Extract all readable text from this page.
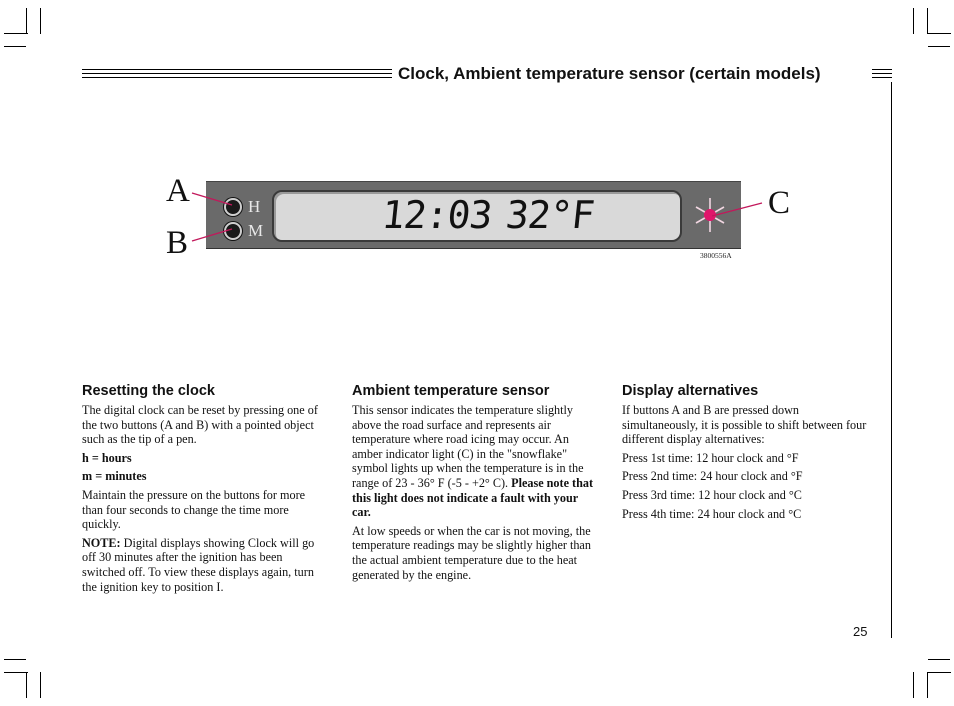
Clock, Ambient temperature sensor (certain models)
H
M	12:03 32°F
A
B
C
3800556A
Resetting the clock

The digital clock can be reset by pressing one of the two buttons (A and B) with a pointed object such as the tip of a pen.

h = hours

m = minutes

Maintain the pressure on the buttons for more than four seconds to change the time more quickly.

NOTE: Digital displays showing Clock will go off 30 minutes after the ignition has been switched off. To view these displays again, turn the ignition key to position I.

Ambient temperature sensor

This sensor indicates the temperature slightly above the road surface and represents air temperature where road icing may occur. An amber indicator light (C) in the "snowflake" symbol lights up when the temperature is in the range of 23 - 36° F (-5 - +2° C). Please note that this light does not indicate a fault with your car.

At low speeds or when the car is not moving, the temperature readings may be slightly higher than the actual ambient temperature due to the heat generated by the engine.

Display alternatives

If buttons A and B are pressed down simultaneously, it is possible to shift between four different display alternatives:

Press 1st time: 12 hour clock and °F

Press 2nd time: 24 hour clock and °F

Press 3rd time: 12 hour clock and °C

Press 4th time: 24 hour clock and °C

25
